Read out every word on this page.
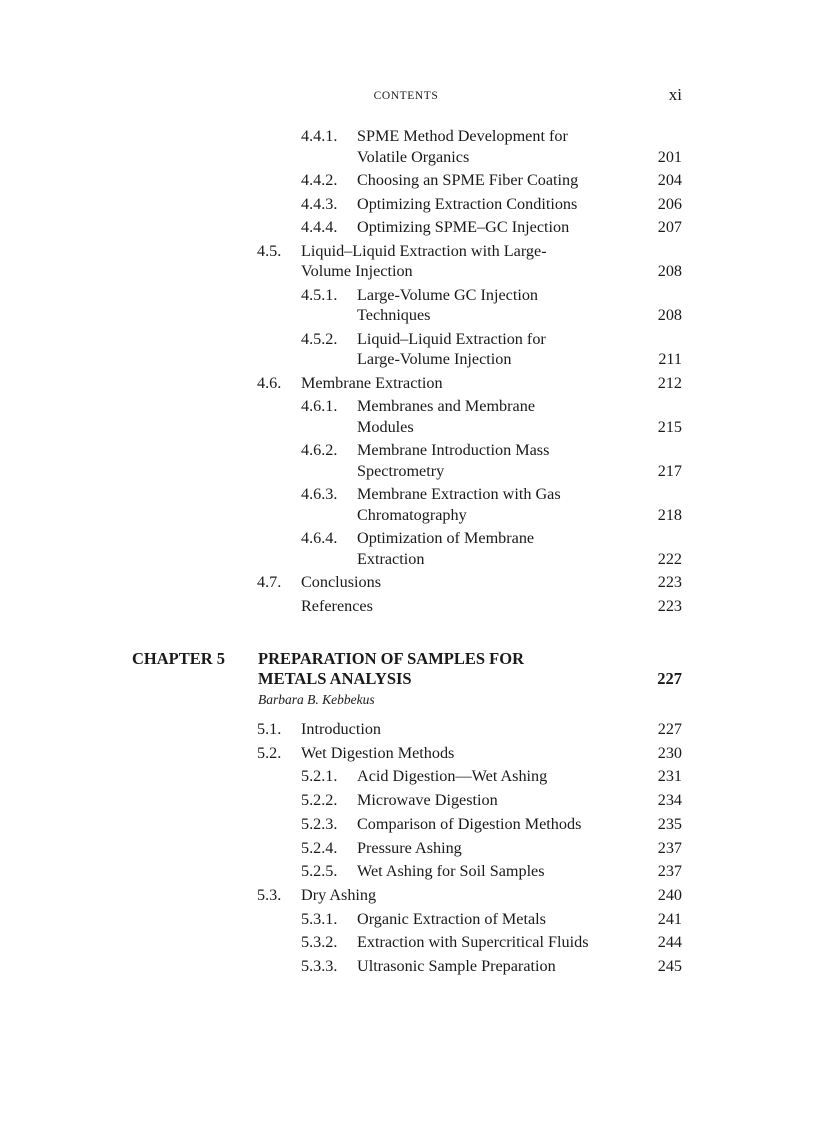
CONTENTS	xi
4.4.1. SPME Method Development for
Volatile Organics	201
4.4.2. Choosing an SPME Fiber Coating	204
4.4.3. Optimizing Extraction Conditions	206
4.4.4. Optimizing SPME–GC Injection	207
4.5. Liquid–Liquid Extraction with Large-
Volume Injection	208
4.5.1. Large-Volume GC Injection
Techniques	208
4.5.2. Liquid–Liquid Extraction for
Large-Volume Injection	211
4.6. Membrane Extraction	212
4.6.1. Membranes and Membrane
Modules	215
4.6.2. Membrane Introduction Mass
Spectrometry	217
4.6.3. Membrane Extraction with Gas
Chromatography	218
4.6.4. Optimization of Membrane
Extraction	222
4.7. Conclusions	223
References	223
CHAPTER 5 PREPARATION OF SAMPLES FOR
METALS ANALYSIS	227
Barbara B. Kebbekus
5.1. Introduction	227
5.2. Wet Digestion Methods	230
5.2.1. Acid Digestion—Wet Ashing	231
5.2.2. Microwave Digestion	234
5.2.3. Comparison of Digestion Methods	235
5.2.4. Pressure Ashing	237
5.2.5. Wet Ashing for Soil Samples	237
5.3. Dry Ashing	240
5.3.1. Organic Extraction of Metals	241
5.3.2. Extraction with Supercritical Fluids	244
5.3.3. Ultrasonic Sample Preparation	245
